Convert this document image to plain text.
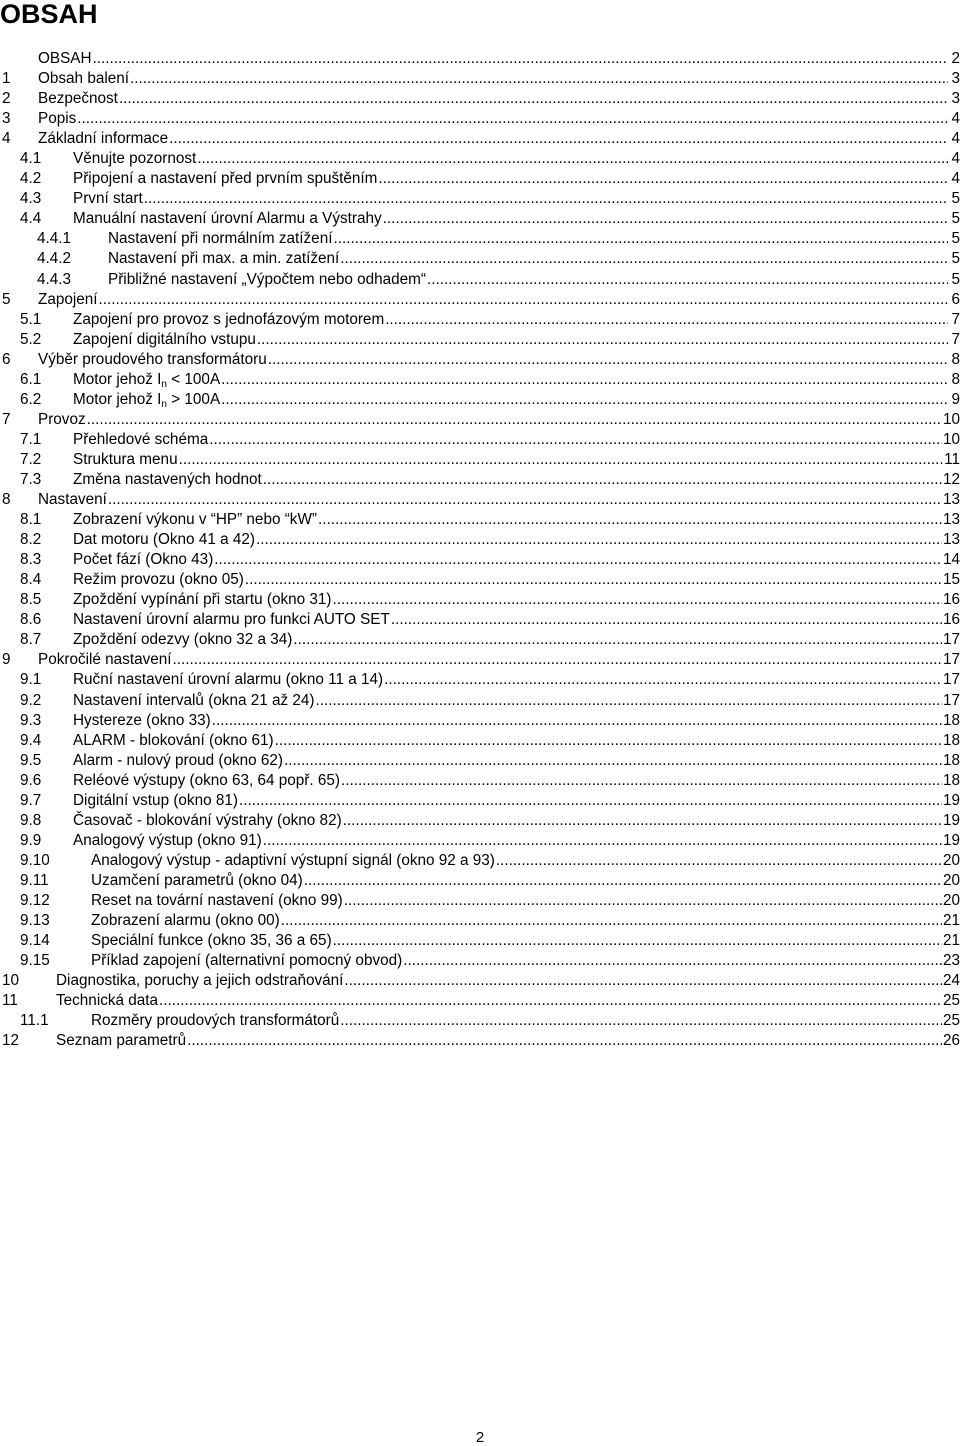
OBSAH
OBSAH .....	2
1	Obsah balení .....	3
2	Bezpečnost .....	3
3	Popis .....	4
4	Základní informace .....	4
4.1	Věnujte pozornost .....	4
4.2	Připojení a nastavení před prvním spuštěním .....	4
4.3	První start .....	5
4.4	Manuální nastavení úrovní Alarmu a Výstrahy .....	5
4.4.1	Nastavení při normálním zatížení .....	5
4.4.2	Nastavení při max. a min. zatížení .....	5
4.4.3	Přibližné nastavení „Výpočtem nebo odhadem“ .....	5
5	Zapojení .....	6
5.1	Zapojení pro provoz s jednofázovým motorem .....	7
5.2	Zapojení digitálního vstupu .....	7
6	Výběr proudového transformátoru .....	8
6.1	Motor jehož $I_n < 100A$ .....	8
6.2	Motor jehož $I_n > 100A$ .....	9
7	Provoz .....	10
7.1	Přehledové schéma .....	10
7.2	Struktura menu .....	11
7.3	Změna nastavených hodnot .....	12
8	Nastavení .....	13
8.1	Zobrazení výkonu v “HP” nebo “kW” .....	13
8.2	Dat motoru (Okno 41 a 42) .....	13
8.3	Počet fází (Okno 43) .....	14
8.4	Režim provozu (okno 05) .....	15
8.5	Zpoždění vypínání při startu (okno 31) .....	16
8.6	Nastavení úrovní alarmu pro funkci AUTO SET .....	16
8.7	Zpoždění odezvy (okno 32 a 34) .....	17
9	Pokročilé nastavení .....	17
9.1	Ruční nastavení úrovní alarmu (okno 11 a 14) .....	17
9.2	Nastavení intervalů (okna 21 až 24) .....	17
9.3	Hystereze (okno 33) .....	18
9.4	ALARM - blokování (okno 61) .....	18
9.5	Alarm - nulový proud (okno 62) .....	18
9.6	Reléové výstupy (okno 63, 64 popř. 65) .....	18
9.7	Digitální vstup (okno 81) .....	19
9.8	Časovač - blokování výstrahy (okno 82) .....	19
9.9	Analogový výstup (okno 91) .....	19
9.10	Analogový výstup - adaptivní výstupní signál (okno 92 a 93) .....	20
9.11	Uzamčení parametrů (okno 04) .....	20
9.12	Reset na tovární nastavení (okno 99) .....	20
9.13	Zobrazení alarmu (okno 00) .....	21
9.14	Speciální funkce (okno 35, 36 a 65) .....	21
9.15	Příklad zapojení (alternativní pomocný obvod) .....	23
10	Diagnostika, poruchy a jejich odstraňování .....	24
11	Technická data .....	25
11.1	Rozměry proudových transformátorů .....	25
12	Seznam parametrů .....	26
2
